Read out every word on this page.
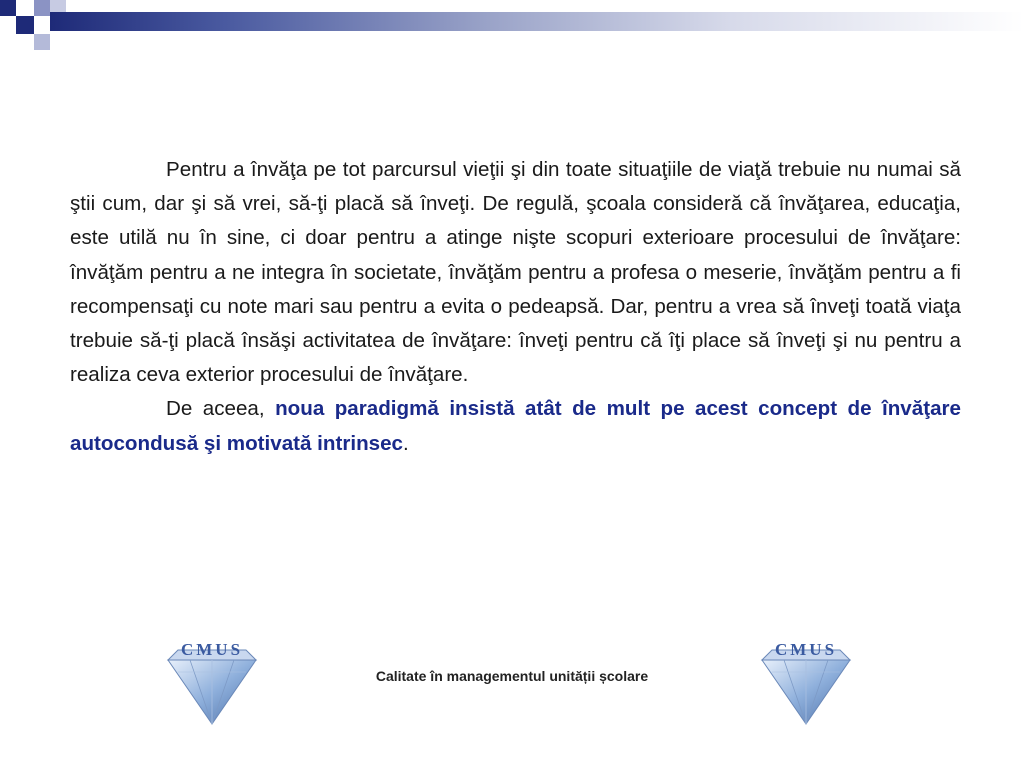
Pentru a învăţa pe tot parcursul vieţii şi din toate situaţiile de viaţă trebuie nu numai să ştii cum, dar şi să vrei, să-ţi placă să înveţi. De regulă, şcoala consideră că învăţarea, educaţia, este utilă nu în sine, ci doar pentru a atinge nişte scopuri exterioare procesului de învăţare: învăţăm pentru a ne integra în societate, învăţăm pentru a profesa o meserie, învăţăm pentru a fi recompensaţi cu note mari sau pentru a evita o pedeapsă. Dar, pentru a vrea să înveţi toată viaţa trebuie să-ţi placă însăşi activitatea de învăţare: înveţi pentru că îţi place să înveţi şi nu pentru a realiza ceva exterior procesului de învăţare.

De aceea, noua paradigmă insistă atât de mult pe acest concept de învăţare autocondusă şi motivată intrinsec.

CMUS
Calitate în managementul unității școlare
CMUS
